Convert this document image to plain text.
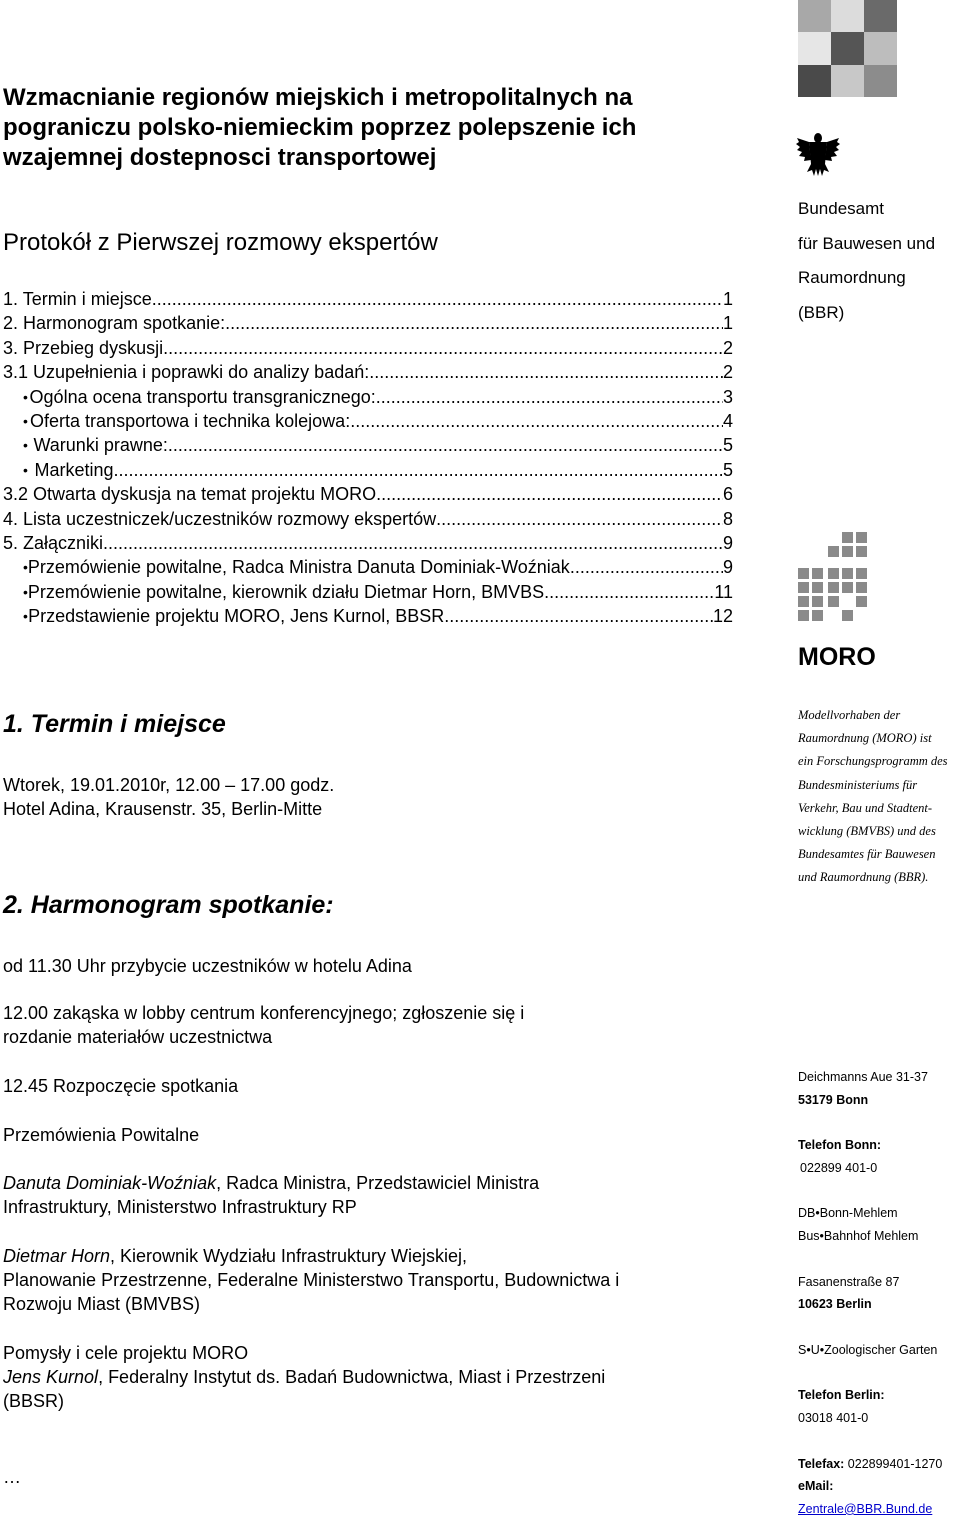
Wzmacnianie regionów miejskich i metropolitalnych na
pograniczu polsko-niemieckim poprzez polepszenie ich
wzajemnej dostepnosci transportowej
Protokół z Pierwszej rozmowy ekspertów
1. Termin i miejsce .....	1
2. Harmonogram spotkanie: .....	1
3. Przebieg dyskusji .....	2
3.1 Uzupełnienia i poprawki do analizy badań: .....	2
• Ogólna ocena transportu transgranicznego: .....	3
• Oferta transportowa i technika kolejowa: .....	4
• Warunki prawne: .....	5
• Marketing .....	5
3.2 Otwarta dyskusja na temat projektu MORO .....	6
4. Lista uczestniczek/uczestników rozmowy ekspertów .....	8
5. Załączniki .....	9
• Przemówienie powitalne, Radca Ministra Danuta Dominiak-Woźniak .....	9
• Przemówienie powitalne, kierownik działu Dietmar Horn, BMVBS .....	11
• Przedstawienie projektu MORO, Jens Kurnol, BBSR .....	12
Bundesamt
für Bauwesen und
Raumordnung
(BBR)
MORO
Modellvorhaben der
Raumordnung (MORO) ist
ein Forschungsprogramm des
Bundesministeriums für
Verkehr, Bau und Stadtent-
wicklung (BMVBS) und des
Bundesamtes für Bauwesen
und Raumordnung (BBR).
Deichmanns Aue 31-37
53179 Bonn
Telefon Bonn:
022899 401-0
DB•Bonn-Mehlem
Bus•Bahnhof Mehlem
Fasanenstraße 87
10623 Berlin
S•U•Zoologischer Garten
Telefon Berlin:
03018 401-0
Telefax: 022899401-1270
eMail:
Zentrale@BBR.Bund.de
1. Termin i miejsce

Wtorek, 19.01.2010r, 12.00 – 17.00 godz.

Hotel Adina, Krausenstr. 35, Berlin-Mitte

2. Harmonogram spotkanie:
od 11.30 Uhr przybycie uczestników w hotelu Adina

12.00 zakąska w lobby centrum konferencyjnego; zgłoszenie się i

rozdanie materiałów uczestnictwa

12.45 Rozpoczęcie spotkania
Przemówienia Powitalne

Danuta Dominiak-Woźniak, Radca Ministra, Przedstawiciel Ministra

Infrastruktury, Ministerstwo Infrastruktury RP

Dietmar Horn, Kierownik Wydziału Infrastruktury Wiejskiej,

Planowanie Przestrzenne, Federalne Ministerstwo Transportu, Budownictwa i

Rozwoju Miast (BMVBS)

Pomysły i cele projektu MORO

Jens Kurnol, Federalny Instytut ds. Badań Budownictwa, Miast i Przestrzeni

(BBSR)

…
